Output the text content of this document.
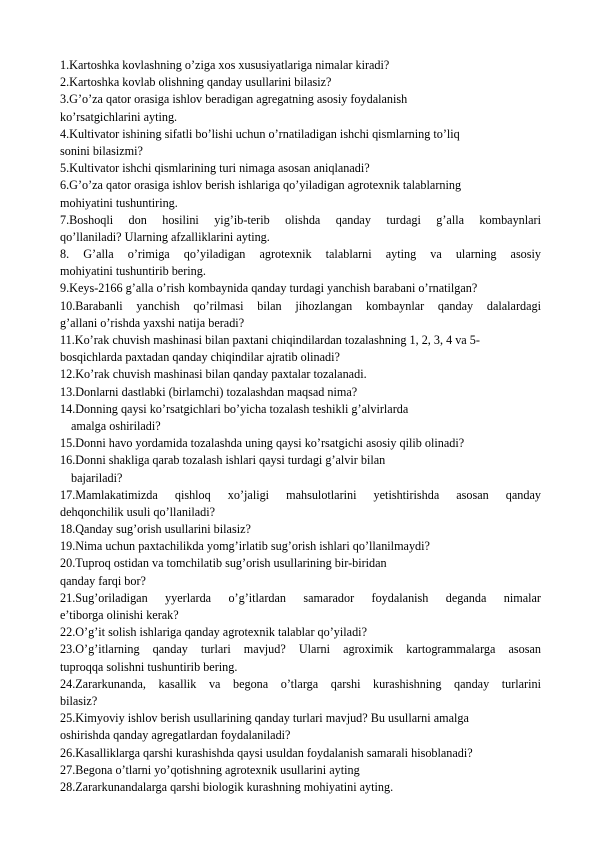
1.Kartoshka kovlashning o’ziga xos xususiyatlariga nimalar kiradi?
2.Kartoshka kovlab olishning qanday usullarini bilasiz?
3.G’o’za qator orasiga ishlov beradigan agregatning asosiy foydalanish
ko’rsatgichlarini ayting.
4.Kultivator ishining sifatli bo’lishi uchun o’rnatiladigan ishchi qismlarning to’liq
sonini bilasizmi?
5.Kultivator ishchi qismlarining turi nimaga asosan aniqlanadi?
6.G’o’za qator orasiga ishlov berish ishlariga qo’yiladigan agrotexnik talablarning
mohiyatini tushuntiring.
7.Boshoqli don hosilini yig’ib-terib olishda qanday turdagi g’alla kombaynlari
qo’llaniladi? Ularning afzalliklarini ayting.
8. G’alla o’rimiga qo’yiladigan agrotexnik talablarni ayting va ularning asosiy
mohiyatini tushuntirib bering.
9.Keys-2166 g’alla o’rish kombaynida qanday turdagi yanchish barabani o’rnatilgan?
10.Barabanli yanchish qo’rilmasi bilan jihozlangan kombaynlar qanday dalalardagi
g’allani o’rishda yaxshi natija beradi?
11.Ko’rak chuvish mashinasi bilan paxtani chiqindilardan tozalashning 1, 2, 3, 4 va 5-
bosqichlarda paxtadan qanday chiqindilar ajratib olinadi?
12.Ko’rak chuvish mashinasi bilan qanday paxtalar tozalanadi.
13.Donlarni dastlabki (birlamchi) tozalashdan maqsad nima?
14.Donning qaysi ko’rsatgichlari bo’yicha tozalash teshikli g’alvirlarda
amalga oshiriladi?
15.Donni havo yordamida tozalashda uning qaysi ko’rsatgichi asosiy qilib olinadi?
16.Donni shakliga qarab tozalash ishlari qaysi turdagi g’alvir bilan
bajariladi?
17.Mamlakatimizda qishloq xo’jaligi mahsulotlarini yetishtirishda asosan qanday
dehqonchilik usuli qo’llaniladi?
18.Qanday sug’orish usullarini bilasiz?
19.Nima uchun paxtachilikda yomg’irlatib sug’orish ishlari qo’llanilmaydi?
20.Tuproq ostidan va tomchilatib sug’orish usullarining bir-biridan
qanday farqi bor?
21.Sug’oriladigan yyerlarda o’g’itlardan samarador foydalanish deganda nimalar
e’tiborga olinishi kerak?
22.O’g’it solish ishlariga qanday agrotexnik talablar qo’yiladi?
23.O’g’itlarning qanday turlari mavjud? Ularni agroximik kartogrammalarga asosan
tuproqqa solishni tushuntirib bering.
24.Zararkunanda, kasallik va begona o’tlarga qarshi kurashishning qanday turlarini
bilasiz?
25.Kimyoviy ishlov berish usullarining qanday turlari mavjud? Bu usullarni amalga
oshirishda qanday agregatlardan foydalaniladi?
26.Kasalliklarga qarshi kurashishda qaysi usuldan foydalanish samarali hisoblanadi?
27.Begona o’tlarni yo’qotishning agrotexnik usullarini ayting
28.Zararkunandalarga qarshi biologik kurashning mohiyatini ayting.
